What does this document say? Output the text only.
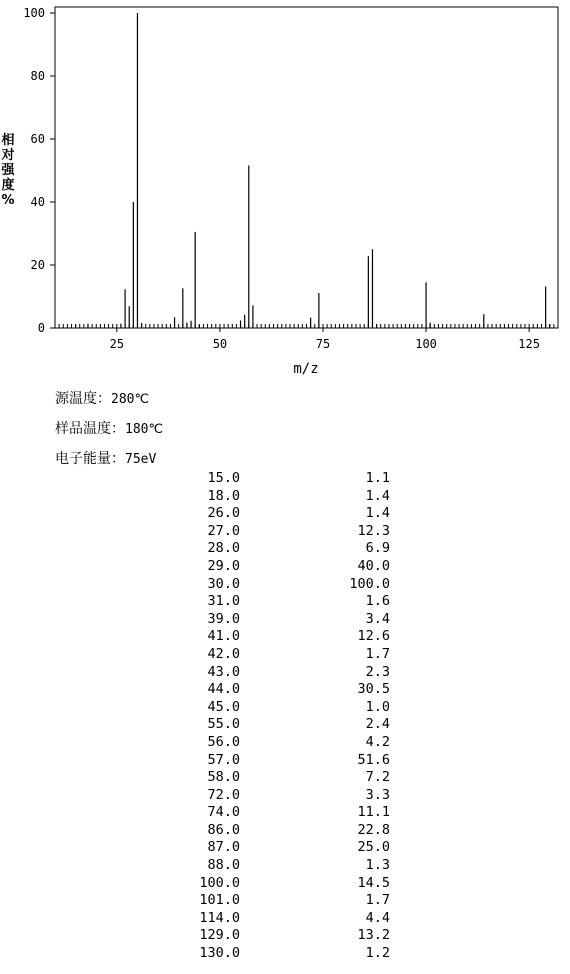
25	50	75	100	125
0
20
40
60
80
100
m/z
相
对
强
度
%
源温度：280℃
样品温度：180℃
电子能量：75eV
15.0	1.1
18.0	1.4
26.0	1.4
27.0	12.3
28.0	6.9
29.0	40.0
30.0	100.0
31.0	1.6
39.0	3.4
41.0	12.6
42.0	1.7
43.0	2.3
44.0	30.5
45.0	1.0
55.0	2.4
56.0	4.2
57.0	51.6
58.0	7.2
72.0	3.3
74.0	11.1
86.0	22.8
87.0	25.0
88.0	1.3
100.0	14.5
101.0	1.7
114.0	4.4
129.0	13.2
130.0	1.2
